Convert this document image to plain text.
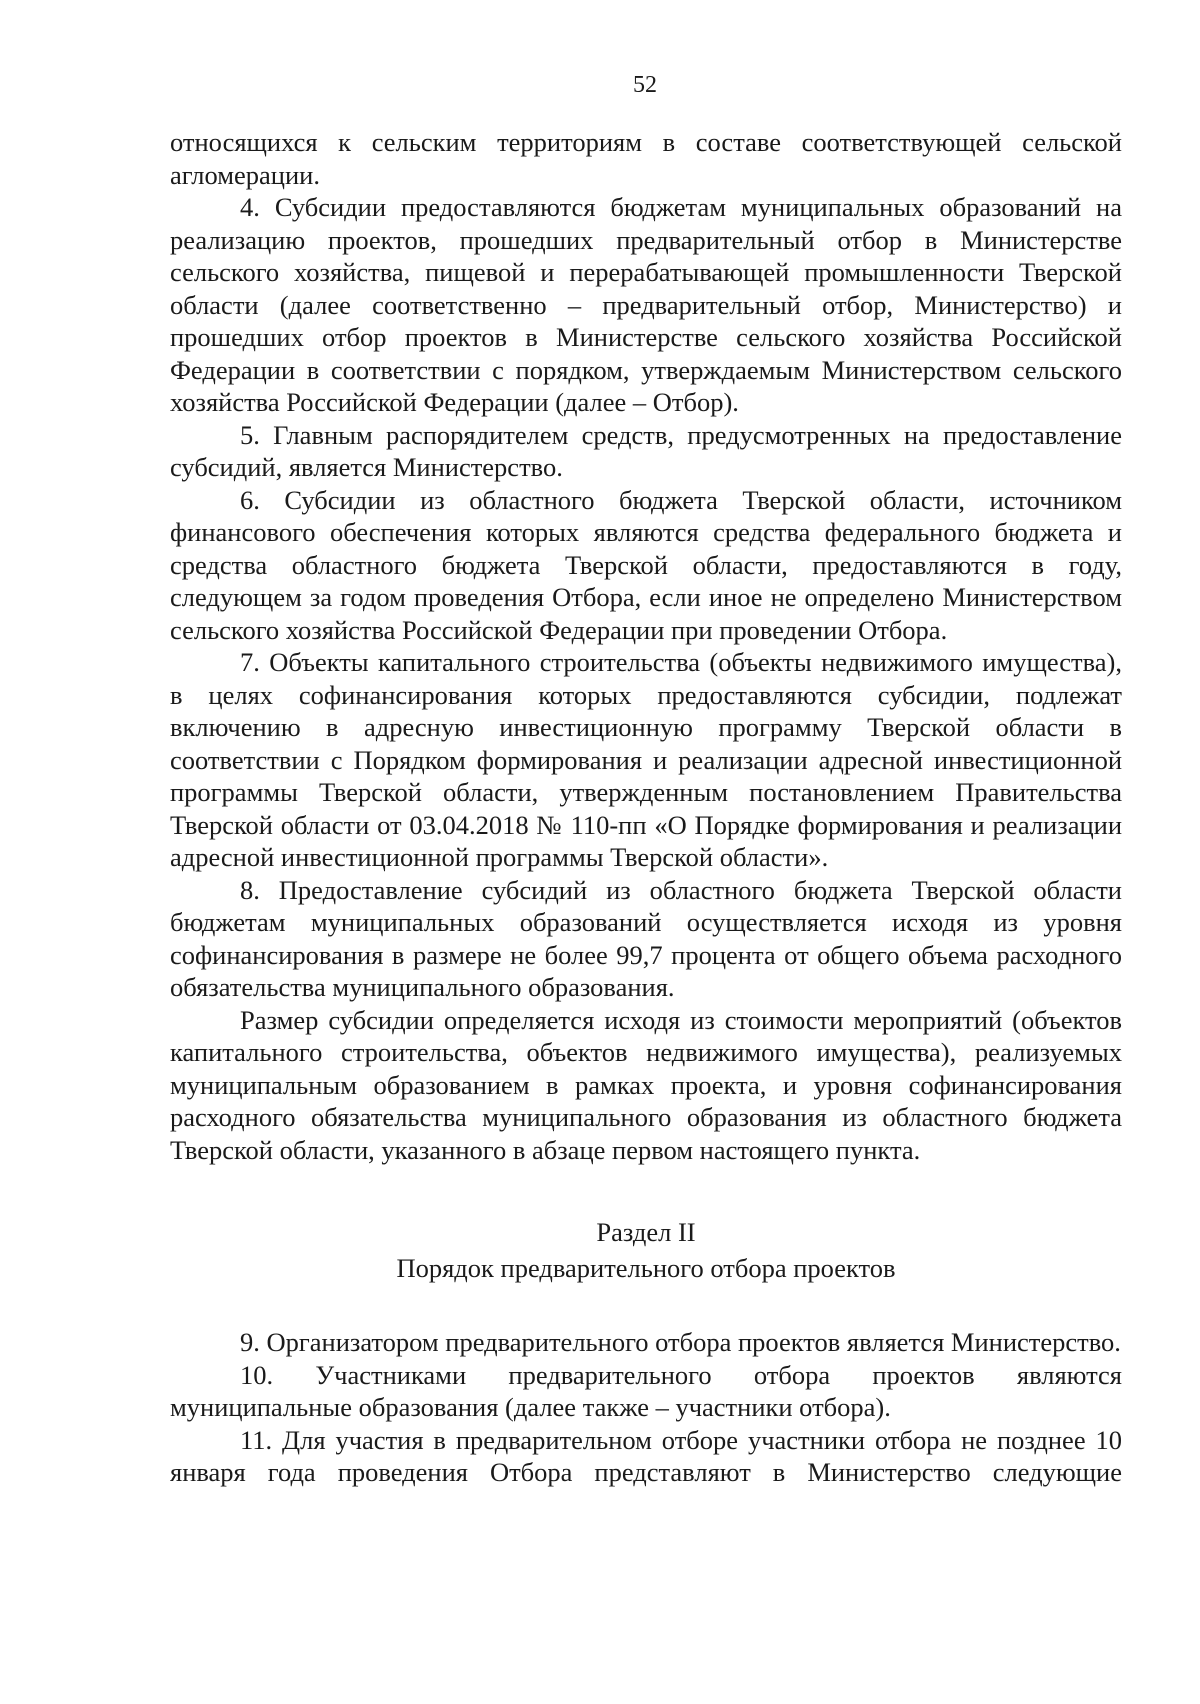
52

относящихся к сельским территориям в составе соответствующей сельской агломерации.

4. Субсидии предоставляются бюджетам муниципальных образований на реализацию проектов, прошедших предварительный отбор в Министерстве сельского хозяйства, пищевой и перерабатывающей промышленности Тверской области (далее соответственно – предварительный отбор, Министерство) и прошедших отбор проектов в Министерстве сельского хозяйства Российской Федерации в соответствии с порядком, утверждаемым Министерством сельского хозяйства Российской Федерации (далее – Отбор).

5. Главным распорядителем средств, предусмотренных на предоставление субсидий, является Министерство.

6. Субсидии из областного бюджета Тверской области, источником финансового обеспечения которых являются средства федерального бюджета и средства областного бюджета Тверской области, предоставляются в году, следующем за годом проведения Отбора, если иное не определено Министерством сельского хозяйства Российской Федерации при проведении Отбора.

7. Объекты капитального строительства (объекты недвижимого имущества), в целях софинансирования которых предоставляются субсидии, подлежат включению в адресную инвестиционную программу Тверской области в соответствии с Порядком формирования и реализации адресной инвестиционной программы Тверской области, утвержденным постановлением Правительства Тверской области от 03.04.2018 № 110-пп «О Порядке формирования и реализации адресной инвестиционной программы Тверской области».

8. Предоставление субсидий из областного бюджета Тверской области бюджетам муниципальных образований осуществляется исходя из уровня софинансирования в размере не более 99,7 процента от общего объема расходного обязательства муниципального образования.

Размер субсидии определяется исходя из стоимости мероприятий (объектов капитального строительства, объектов недвижимого имущества), реализуемых муниципальным образованием в рамках проекта, и уровня софинансирования расходного обязательства муниципального образования из областного бюджета Тверской области, указанного в абзаце первом настоящего пункта.

Раздел II
Порядок предварительного отбора проектов

9. Организатором предварительного отбора проектов является Министерство.

10. Участниками предварительного отбора проектов являются муниципальные образования (далее также – участники отбора).

11. Для участия в предварительном отборе участники отбора не позднее 10 января года проведения Отбора представляют в Министерство следующие
